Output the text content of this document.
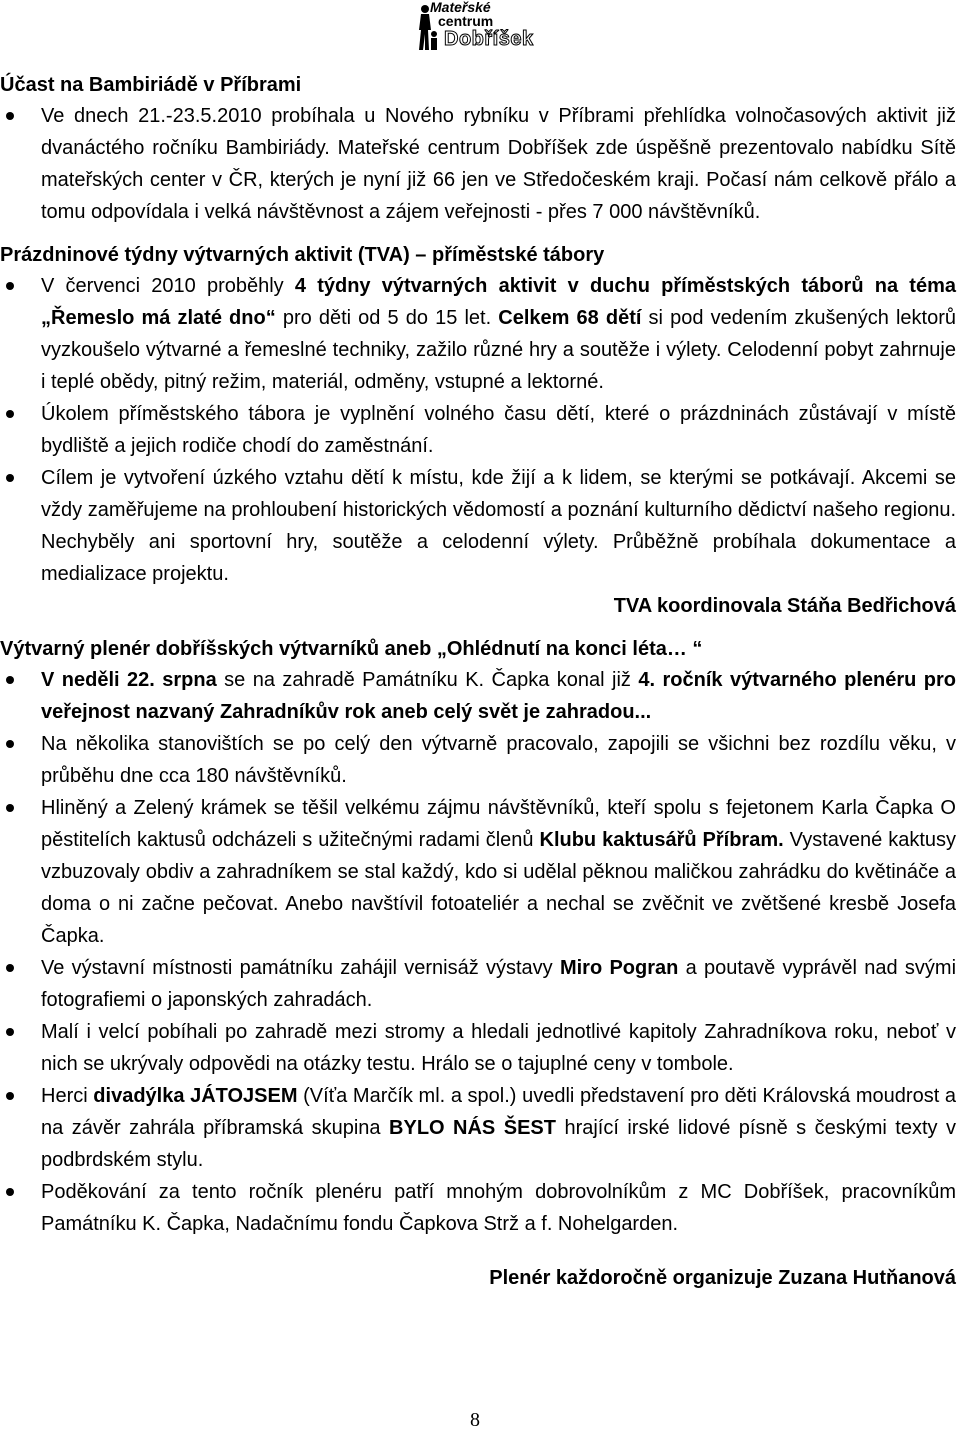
Mateřské
centrum
Dobříšek
Účast na Bambiriádě v Příbrami
Ve dnech 21.-23.5.2010 probíhala u Nového rybníku v Příbrami přehlídka volnočasových aktivit již dvanáctého ročníku Bambiriády. Mateřské centrum Dobříšek zde úspěšně prezentovalo nabídku Sítě mateřských center v ČR, kterých je nyní již 66 jen ve Středočeském kraji. Počasí nám celkově přálo a tomu odpovídala i velká návštěvnost a zájem veřejnosti - přes 7 000 návštěvníků.
Prázdninové týdny výtvarných aktivit (TVA) – příměstské tábory
V červenci 2010 proběhly 4 týdny výtvarných aktivit v duchu příměstských táborů na téma „Řemeslo má zlaté dno“ pro děti od 5 do 15 let. Celkem 68 dětí si pod vedením zkušených lektorů vyzkoušelo výtvarné a řemeslné techniky, zažilo různé hry a soutěže i výlety. Celodenní pobyt zahrnuje i teplé obědy, pitný režim, materiál, odměny, vstupné a lektorné.
Úkolem příměstského tábora je vyplnění volného času dětí, které o prázdninách zůstávají v místě bydliště a jejich rodiče chodí do zaměstnání.
Cílem je vytvoření úzkého vztahu dětí k místu, kde žijí a k lidem, se kterými se potkávají. Akcemi se vždy zaměřujeme na prohloubení historických vědomostí a poznání kulturního dědictví našeho regionu. Nechyběly ani sportovní hry, soutěže a celodenní výlety. Průběžně probíhala dokumentace a medializace projektu.
TVA koordinovala Stáňa Bedřichová
Výtvarný plenér dobříšských výtvarníků aneb „Ohlédnutí na konci léta… “
V neděli 22. srpna se na zahradě Památníku K. Čapka konal již 4. ročník výtvarného plenéru pro veřejnost nazvaný Zahradníkův rok aneb celý svět je zahradou...
Na několika stanovištích se po celý den výtvarně pracovalo, zapojili se všichni bez rozdílu věku, v průběhu dne cca 180 návštěvníků.
Hliněný a Zelený krámek se těšil velkému zájmu návštěvníků, kteří spolu s fejetonem Karla Čapka O pěstitelích kaktusů odcházeli s užitečnými radami členů Klubu kaktusářů Příbram. Vystavené kaktusy vzbuzovaly obdiv a zahradníkem se stal každý, kdo si udělal pěknou maličkou zahrádku do květináče a doma o ni začne pečovat. Anebo navštívil fotoateliér a nechal se zvěčnit ve zvětšené kresbě Josefa Čapka.
Ve výstavní místnosti památníku zahájil vernisáž výstavy Miro Pogran a poutavě vyprávěl nad svými fotografiemi o japonských zahradách.
Malí i velcí pobíhali po zahradě mezi stromy a hledali jednotlivé kapitoly Zahradníkova roku, neboť v nich se ukrývaly odpovědi na otázky testu. Hrálo se o tajuplné ceny v tombole.
Herci divadýlka JÁTOJSEM (Víťa Marčík ml. a spol.) uvedli představení pro děti Královská moudrost a na závěr zahrála příbramská skupina BYLO NÁS ŠEST hrající irské lidové písně s českými texty v podbrdském stylu.
Poděkování za tento ročník plenéru patří mnohým dobrovolníkům z MC Dobříšek, pracovníkům Památníku K. Čapka, Nadačnímu fondu Čapkova Strž a f. Nohelgarden.
Plenér každoročně organizuje Zuzana Hutňanová
8
